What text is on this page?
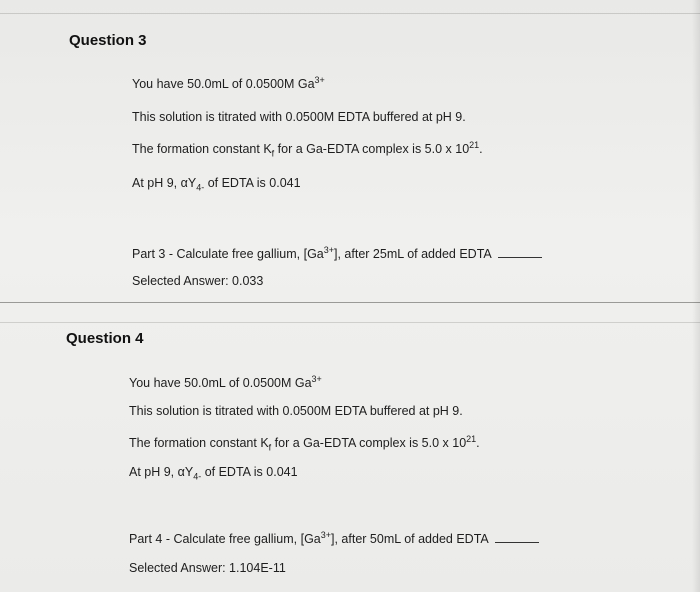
Question 3
You have 50.0mL of 0.0500M $Ga^{3+}$
This solution is titrated with 0.0500M EDTA buffered at pH 9.
The formation constant $K_f$ for a Ga-EDTA complex is 5.0 x $10^{21}$.
At pH 9, $\alpha Y_{4-}$ of EDTA is 0.041
Part 3 - Calculate free gallium, $[Ga^{3+}]$, after 25mL of added EDTA
Selected Answer: 0.033
Question 4
You have 50.0mL of 0.0500M $Ga^{3+}$
This solution is titrated with 0.0500M EDTA buffered at pH 9.
The formation constant $K_f$ for a Ga-EDTA complex is 5.0 x $10^{21}$.
At pH 9, $\alpha Y_{4-}$ of EDTA is 0.041
Part 4 - Calculate free gallium, $[Ga^{3+}]$, after 50mL of added EDTA
Selected Answer: 1.104E-11
